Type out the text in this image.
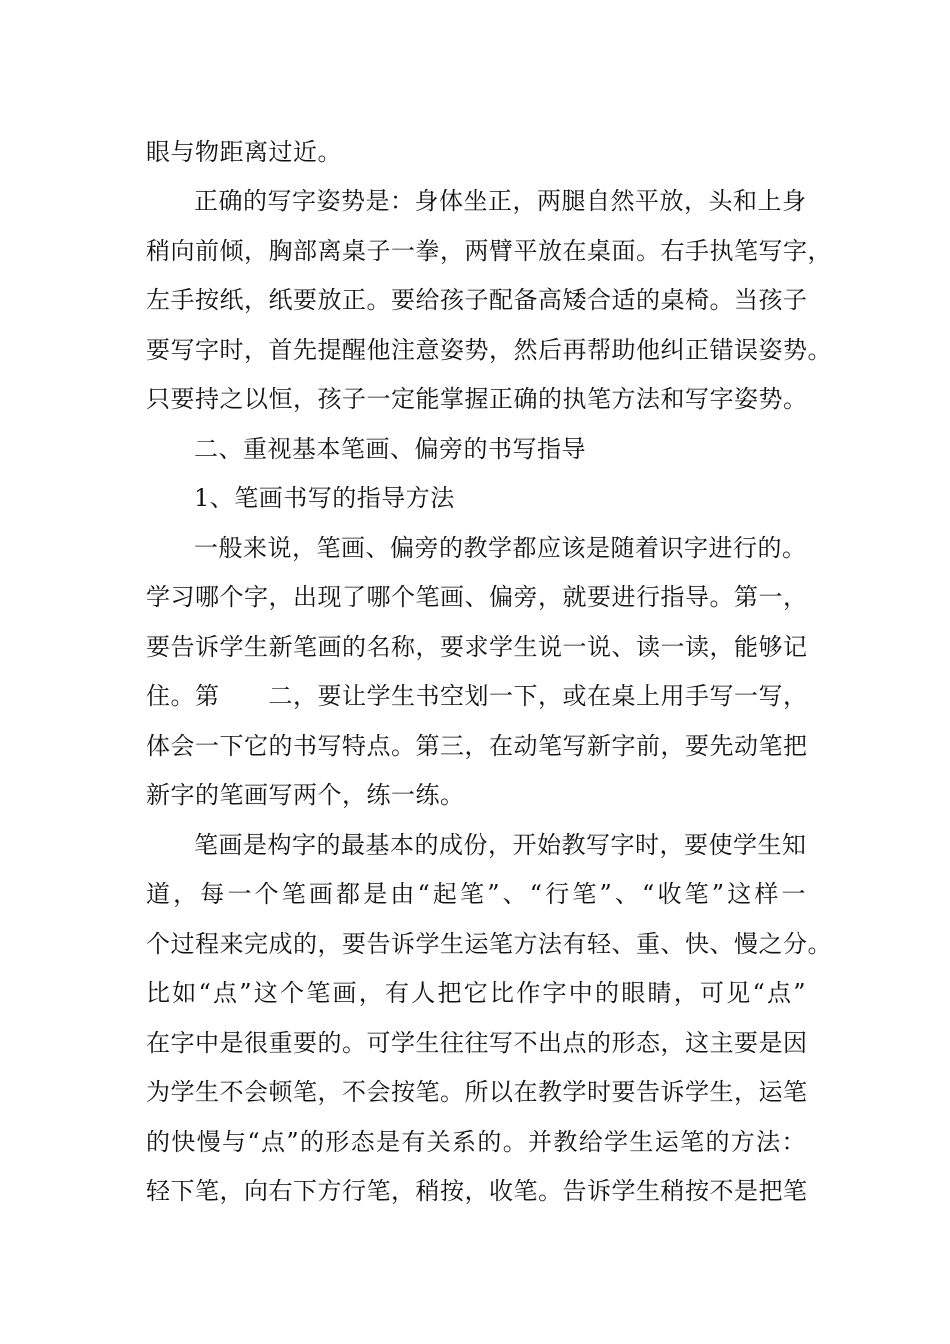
眼与物距离过近。
正确的写字姿势是：身体坐正，两腿自然平放，头和上身
稍向前倾，胸部离桌子一拳，两臂平放在桌面。右手执笔写字，
左手按纸，纸要放正。要给孩子配备高矮合适的桌椅。当孩子
要写字时，首先提醒他注意姿势，然后再帮助他纠正错误姿势。
只要持之以恒，孩子一定能掌握正确的执笔方法和写字姿势。
二、重视基本笔画、偏旁的书写指导
1、笔画书写的指导方法
一般来说，笔画、偏旁的教学都应该是随着识字进行的。
学习哪个字，出现了哪个笔画、偏旁，就要进行指导。第一，
要告诉学生新笔画的名称，要求学生说一说、读一读，能够记
住。第　　二，要让学生书空划一下，或在桌上用手写一写，
体会一下它的书写特点。第三，在动笔写新字前，要先动笔把
新字的笔画写两个，练一练。
笔画是构字的最基本的成份，开始教写字时，要使学生知
道，每一个笔画都是由“起笔”、“行笔”、“收笔”这样一
个过程来完成的，要告诉学生运笔方法有轻、重、快、慢之分。
比如“点”这个笔画，有人把它比作字中的眼睛，可见“点”
在字中是很重要的。可学生往往写不出点的形态，这主要是因
为学生不会顿笔，不会按笔。所以在教学时要告诉学生，运笔
的快慢与“点”的形态是有关系的。并教给学生运笔的方法：
轻下笔，向右下方行笔，稍按，收笔。告诉学生稍按不是把笔
